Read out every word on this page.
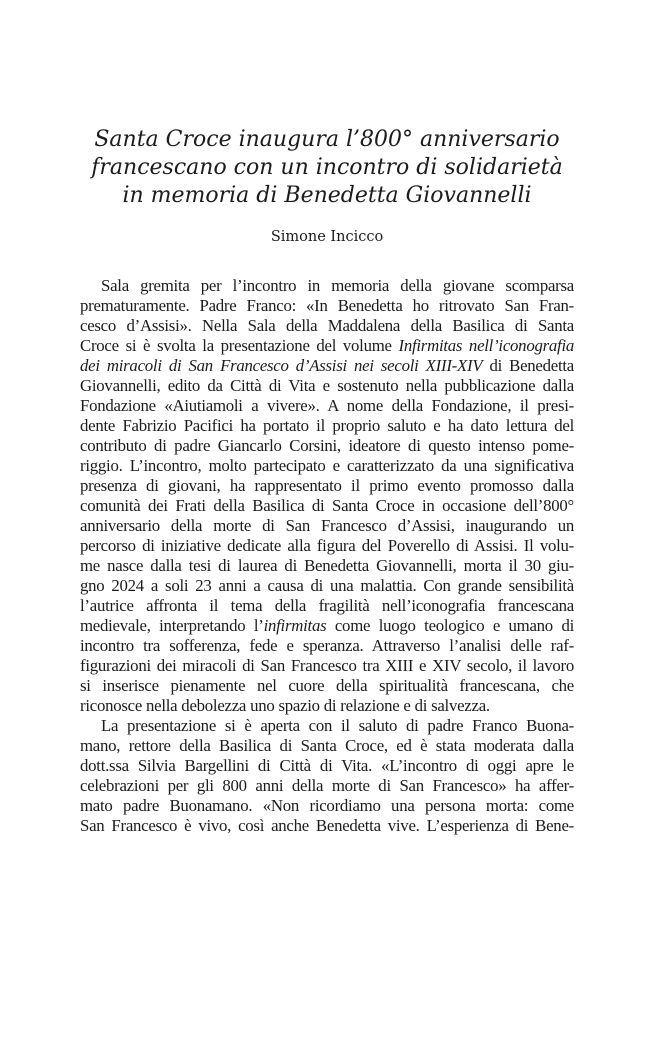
Santa Croce inaugura l’800° anniversario
francescano con un incontro di solidarietà
in memoria di Benedetta Giovannelli
Simone Incicco
Sala gremita per l’incontro in memoria della giovane scomparsa
prematuramente. Padre Franco: «In Benedetta ho ritrovato San Fran-
cesco d’Assisi». Nella Sala della Maddalena della Basilica di Santa
Croce si è svolta la presentazione del volume Infirmitas nell’iconografia
dei miracoli di San Francesco d’Assisi nei secoli XIII-XIV di Benedetta
Giovannelli, edito da Città di Vita e sostenuto nella pubblicazione dalla
Fondazione «Aiutiamoli a vivere». A nome della Fondazione, il presi-
dente Fabrizio Pacifici ha portato il proprio saluto e ha dato lettura del
contributo di padre Giancarlo Corsini, ideatore di questo intenso pome-
riggio. L’incontro, molto partecipato e caratterizzato da una significativa
presenza di giovani, ha rappresentato il primo evento promosso dalla
comunità dei Frati della Basilica di Santa Croce in occasione dell’800°
anniversario della morte di San Francesco d’Assisi, inaugurando un
percorso di iniziative dedicate alla figura del Poverello di Assisi. Il volu-
me nasce dalla tesi di laurea di Benedetta Giovannelli, morta il 30 giu-
gno 2024 a soli 23 anni a causa di una malattia. Con grande sensibilità
l’autrice affronta il tema della fragilità nell’iconografia francescana
medievale, interpretando l’infirmitas come luogo teologico e umano di
incontro tra sofferenza, fede e speranza. Attraverso l’analisi delle raf-
figurazioni dei miracoli di San Francesco tra XIII e XIV secolo, il lavoro
si inserisce pienamente nel cuore della spiritualità francescana, che
riconosce nella debolezza uno spazio di relazione e di salvezza.
La presentazione si è aperta con il saluto di padre Franco Buona-
mano, rettore della Basilica di Santa Croce, ed è stata moderata dalla
dott.ssa Silvia Bargellini di Città di Vita. «L’incontro di oggi apre le
celebrazioni per gli 800 anni della morte di San Francesco» ha affer-
mato padre Buonamano. «Non ricordiamo una persona morta: come
San Francesco è vivo, così anche Benedetta vive. L’esperienza di Bene-
